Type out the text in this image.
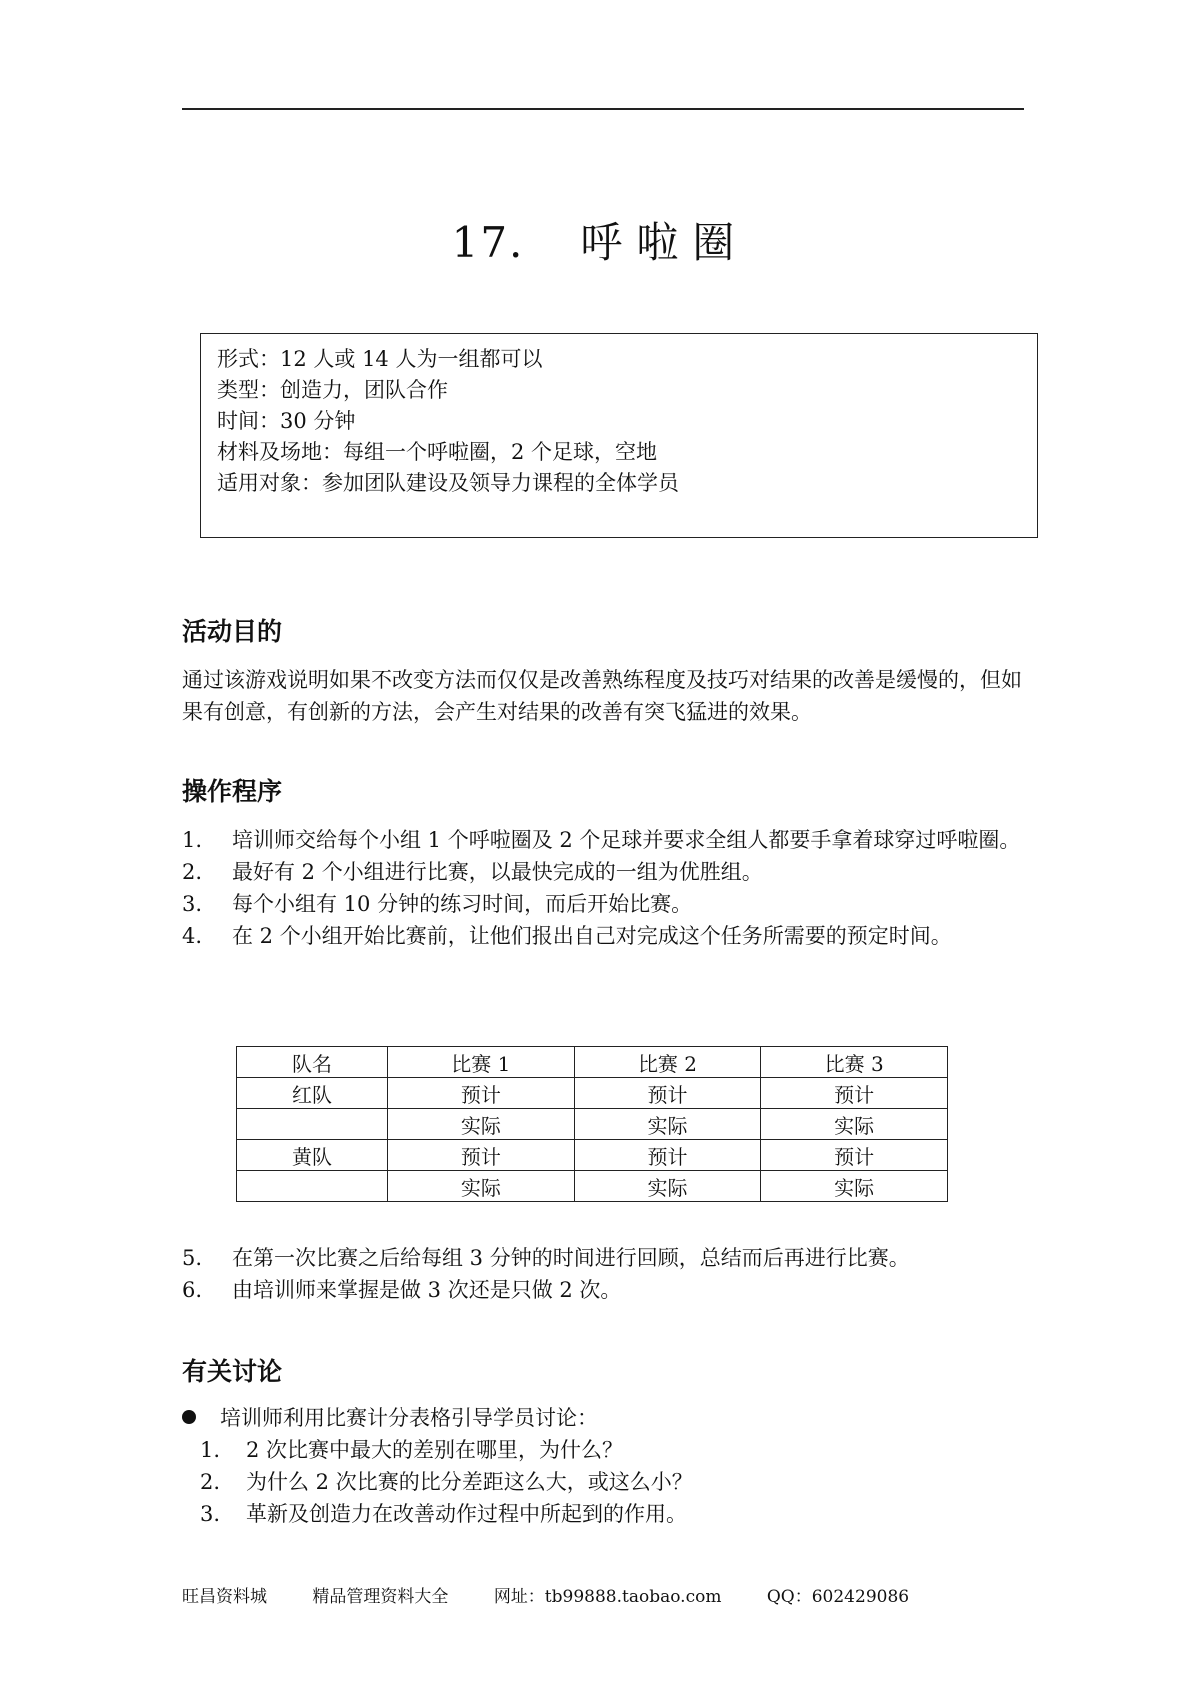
17. 呼啦圈
形式：12 人或 14 人为一组都可以
类型：创造力，团队合作
时间：30 分钟
材料及场地：每组一个呼啦圈，2 个足球，空地
适用对象：参加团队建设及领导力课程的全体学员
活动目的
通过该游戏说明如果不改变方法而仅仅是改善熟练程度及技巧对结果的改善是缓慢的，但如果有创意，有创新的方法，会产生对结果的改善有突飞猛进的效果。
操作程序
1. 培训师交给每个小组 1 个呼啦圈及 2 个足球并要求全组人都要手拿着球穿过呼啦圈。
2. 最好有 2 个小组进行比赛，以最快完成的一组为优胜组。
3. 每个小组有 10 分钟的练习时间，而后开始比赛。
4. 在 2 个小组开始比赛前，让他们报出自己对完成这个任务所需要的预定时间。
队名	比赛 1	比赛 2	比赛 3
红队	预计	预计	预计
	实际	实际	实际
黄队	预计	预计	预计
	实际	实际	实际
5. 在第一次比赛之后给每组 3 分钟的时间进行回顾，总结而后再进行比赛。
6. 由培训师来掌握是做 3 次还是只做 2 次。
有关讨论
培训师利用比赛计分表格引导学员讨论：
1. 2 次比赛中最大的差别在哪里，为什么？
2. 为什么 2 次比赛的比分差距这么大，或这么小？
3. 革新及创造力在改善动作过程中所起到的作用。
旺昌资料城	精品管理资料大全	网址：tb99888.taobao.com	QQ：602429086
